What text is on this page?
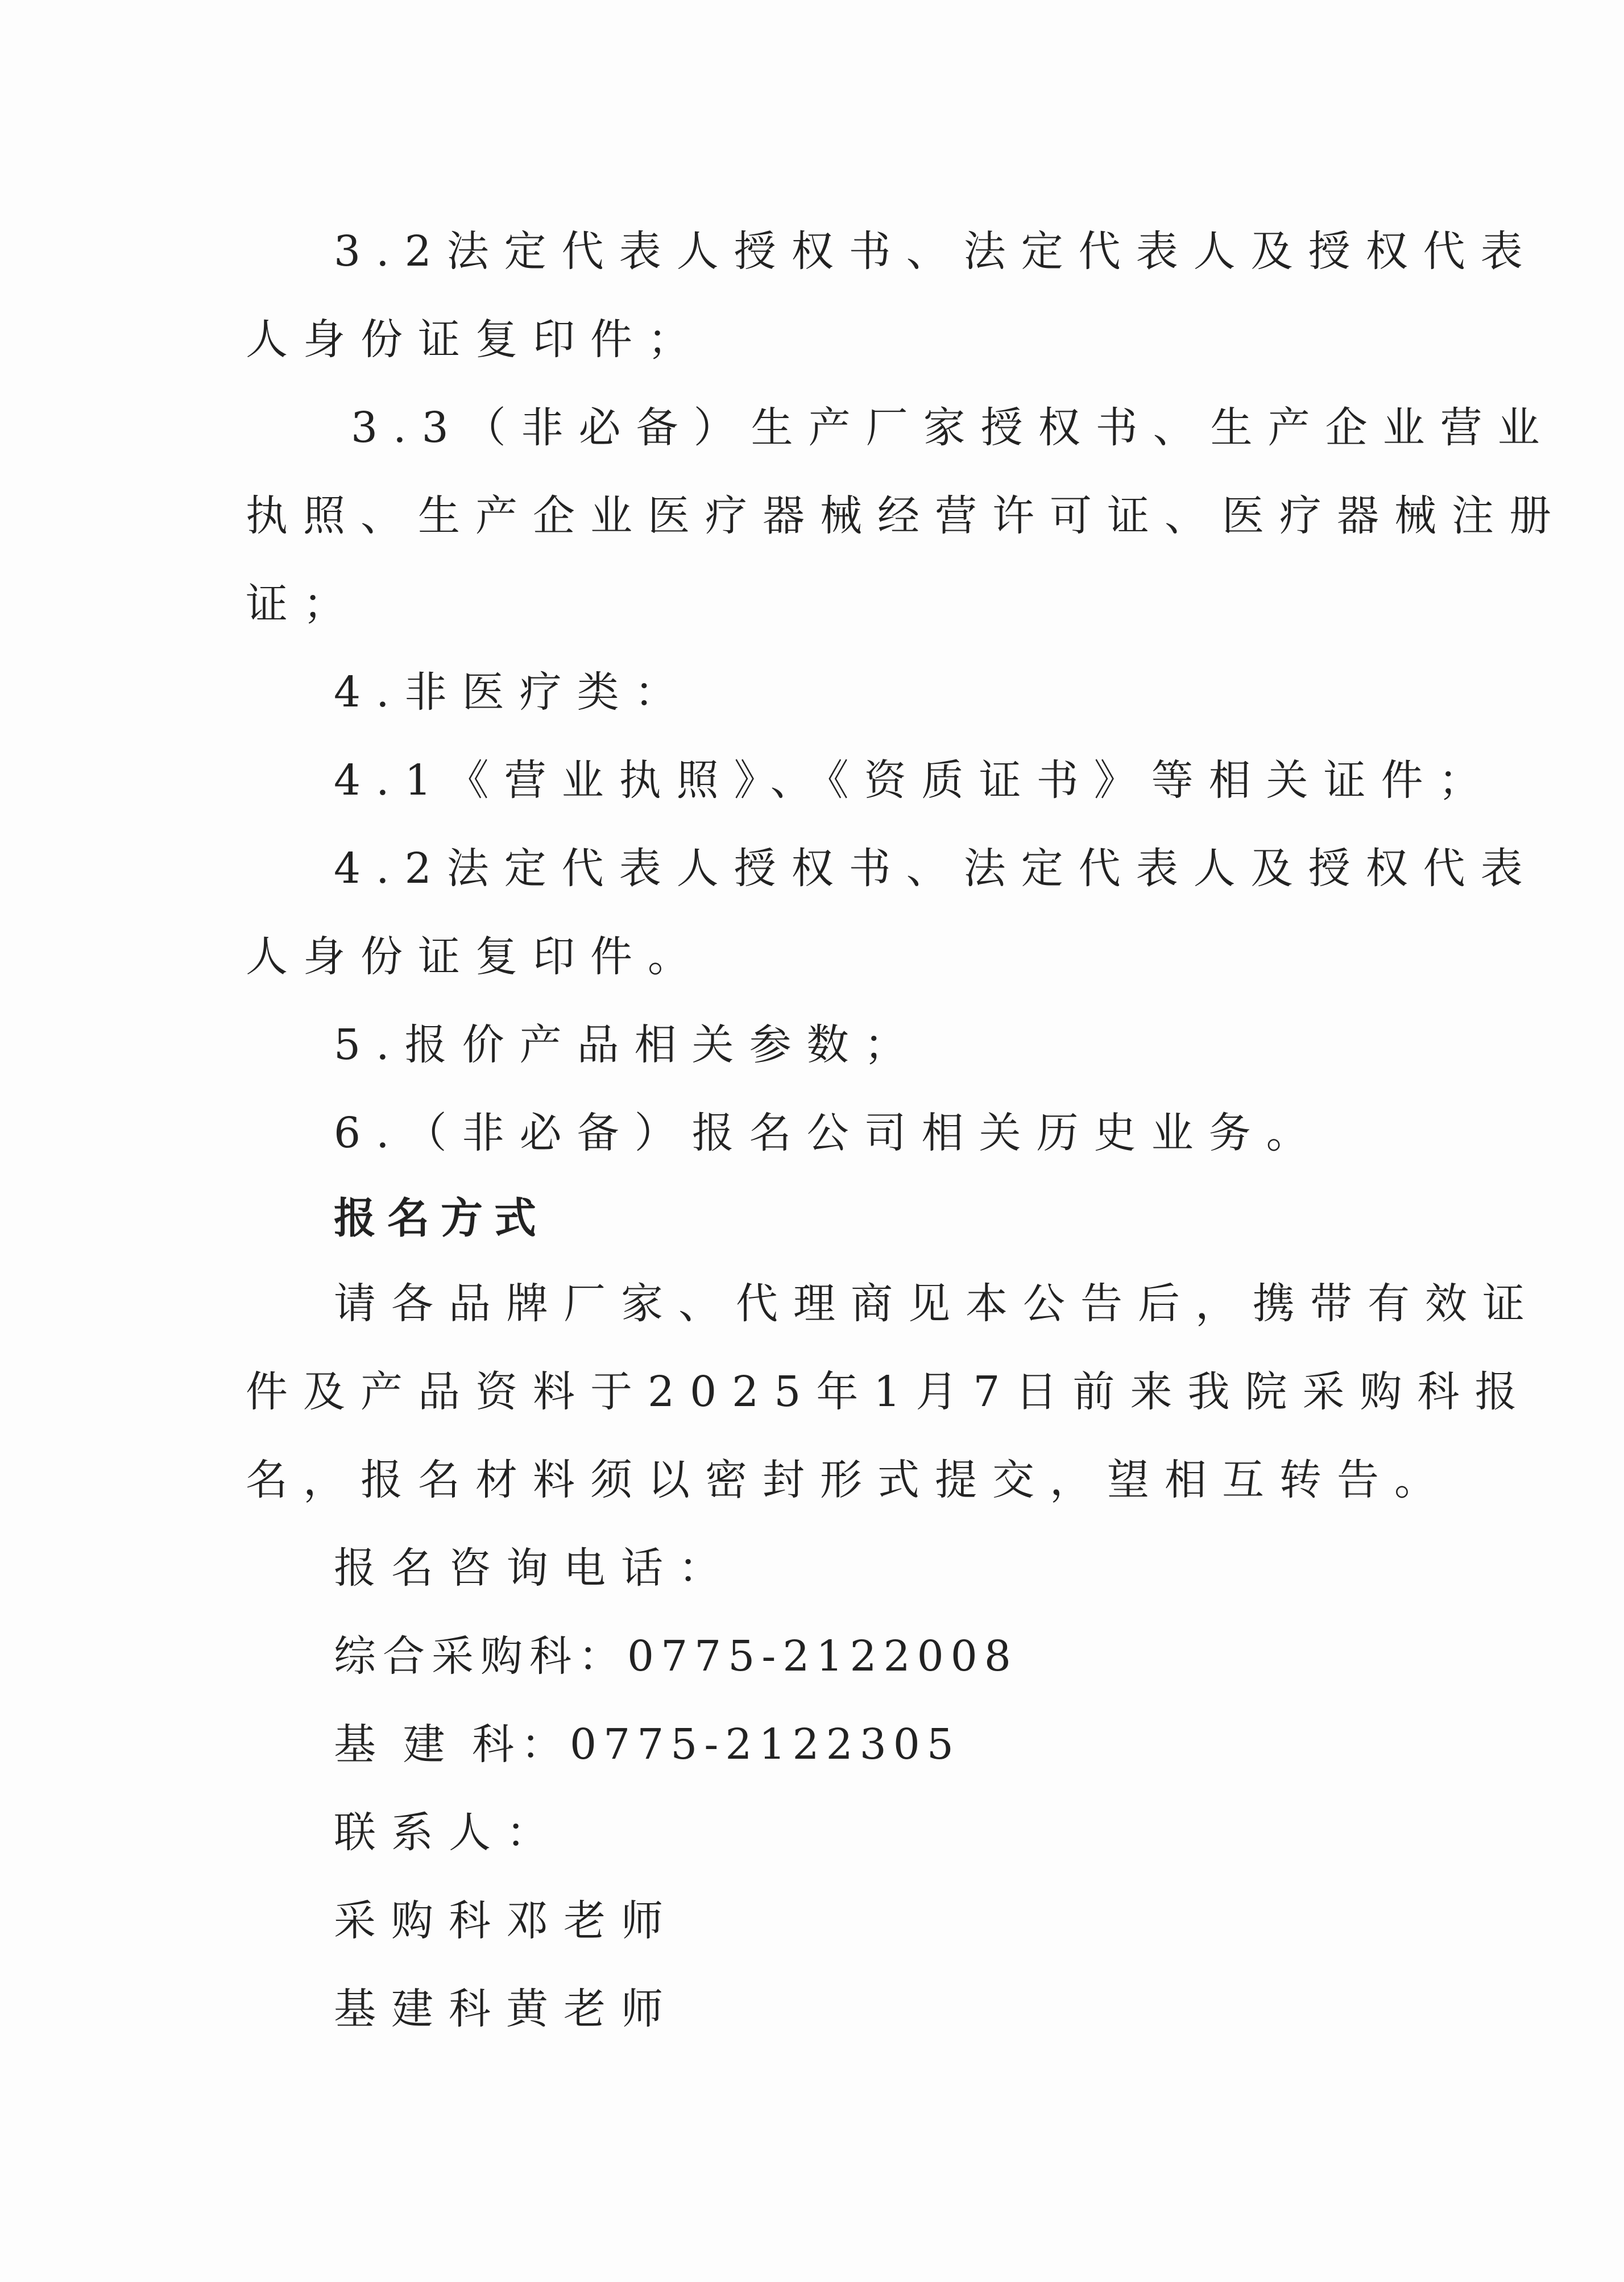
3.2法定代表人授权书、法定代表人及授权代表
人身份证复印件；
3.3（非必备）生产厂家授权书、生产企业营业
执照、生产企业医疗器械经营许可证、医疗器械注册
证；
4.非医疗类：
4.1《营业执照》、《资质证书》等相关证件；
4.2法定代表人授权书、法定代表人及授权代表
人身份证复印件。
5.报价产品相关参数；
6.（非必备）报名公司相关历史业务。
报名方式
请各品牌厂家、代理商见本公告后，携带有效证
件及产品资料于2025年1月7日前来我院采购科报
名，报名材料须以密封形式提交，望相互转告。
报名咨询电话：
综合采购科：0775-2122008
基 建 科：0775-2122305
联系人：
采购科邓老师
基建科黄老师
